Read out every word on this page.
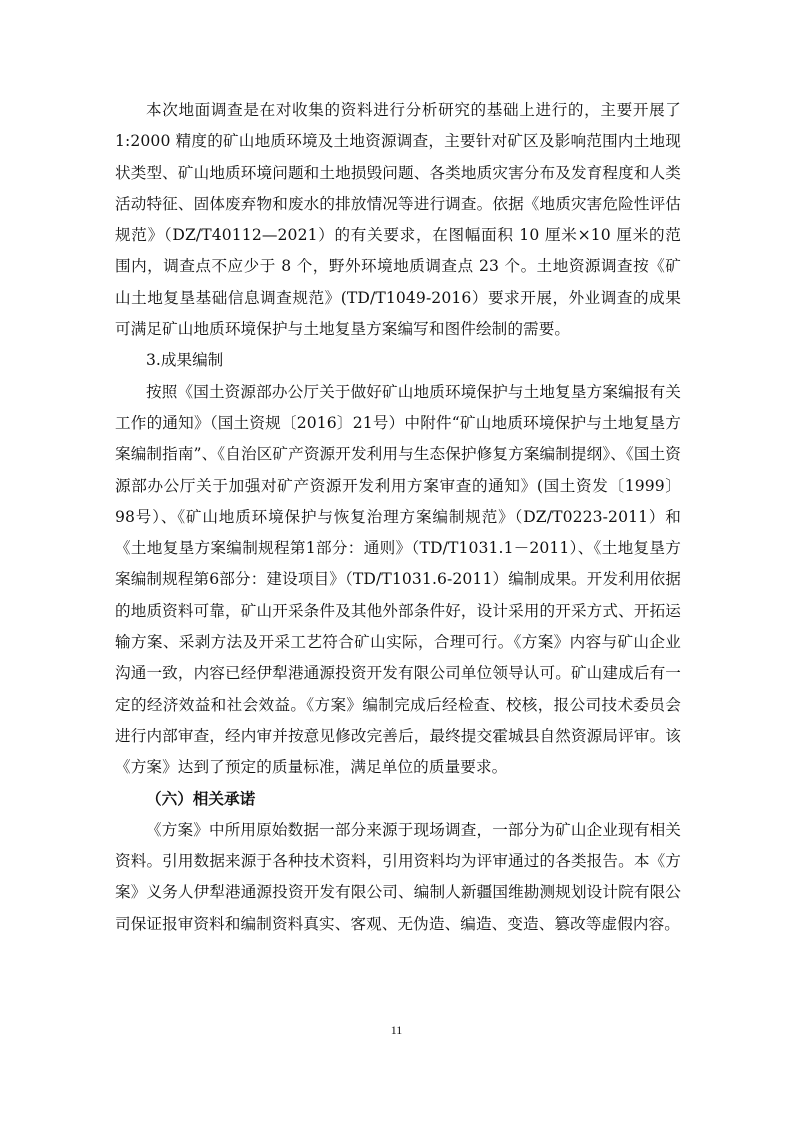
本次地面调查是在对收集的资料进行分析研究的基础上进行的，主要开展了 1:2000 精度的矿山地质环境及土地资源调查，主要针对矿区及影响范围内土地现状类型、矿山地质环境问题和土地损毁问题、各类地质灾害分布及发育程度和人类活动特征、固体废弃物和废水的排放情况等进行调查。依据《地质灾害危险性评估规范》（DZ/T40112—2021）的有关要求，在图幅面积 10 厘米×10 厘米的范围内，调查点不应少于 8 个，野外环境地质调查点 23 个。土地资源调查按《矿山土地复垦基础信息调查规范》(TD/T1049-2016）要求开展，外业调查的成果可满足矿山地质环境保护与土地复垦方案编写和图件绘制的需要。

3.成果编制

按照《国土资源部办公厅关于做好矿山地质环境保护与土地复垦方案编报有关工作的通知》（国土资规〔2016〕21号）中附件“矿山地质环境保护与土地复垦方案编制指南”、《自治区矿产资源开发利用与生态保护修复方案编制提纲》、《国土资源部办公厅关于加强对矿产资源开发利用方案审查的通知》(国土资发〔1999〕98号）、《矿山地质环境保护与恢复治理方案编制规范》（DZ/T0223-2011）和《土地复垦方案编制规程第1部分：通则》（TD/T1031.1－2011）、《土地复垦方案编制规程第6部分：建设项目》（TD/T1031.6-2011）编制成果。开发利用依据的地质资料可靠，矿山开采条件及其他外部条件好，设计采用的开采方式、开拓运输方案、采剥方法及开采工艺符合矿山实际，合理可行。《方案》内容与矿山企业沟通一致，内容已经伊犁港通源投资开发有限公司单位领导认可。矿山建成后有一定的经济效益和社会效益。《方案》编制完成后经检查、校核，报公司技术委员会进行内部审查，经内审并按意见修改完善后，最终提交霍城县自然资源局评审。该《方案》达到了预定的质量标准，满足单位的质量要求。

（六）相关承诺

《方案》中所用原始数据一部分来源于现场调查，一部分为矿山企业现有相关资料。引用数据来源于各种技术资料，引用资料均为评审通过的各类报告。本《方案》义务人伊犁港通源投资开发有限公司、编制人新疆国维勘测规划设计院有限公司保证报审资料和编制资料真实、客观、无伪造、编造、变造、篡改等虚假内容。

11
